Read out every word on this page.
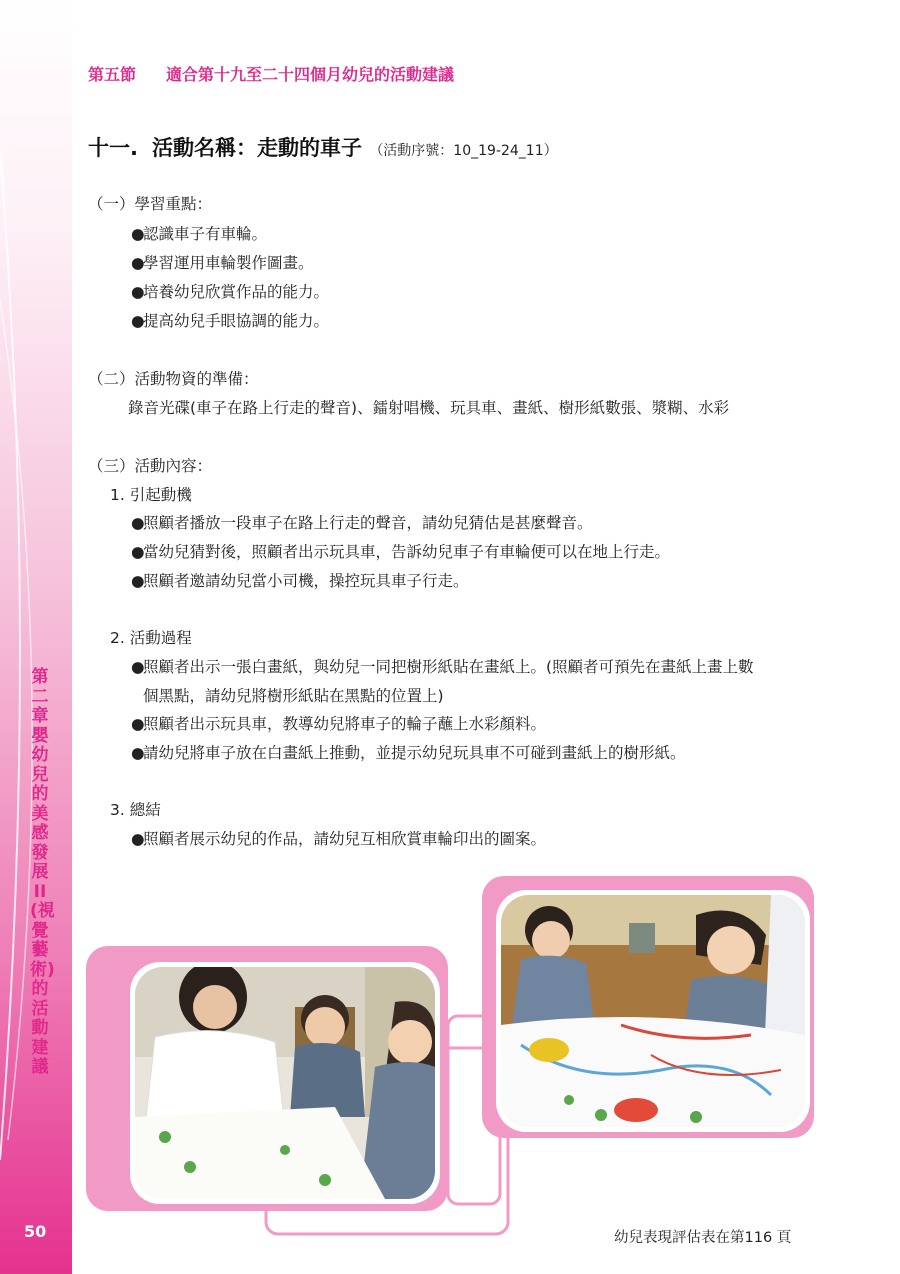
第二章 嬰幼兒的美感發展II(視覺藝術)的活動建議
50
第五節 適合第十九至二十四個月幼兒的活動建議
十一. 活動名稱：走動的車子 （活動序號：10_19-24_11）
（一）學習重點：
●認識車子有車輪。
●學習運用車輪製作圖畫。
●培養幼兒欣賞作品的能力。
●提高幼兒手眼協調的能力。
（二）活動物資的準備：
錄音光碟(車子在路上行走的聲音)、鐳射唱機、玩具車、畫紙、樹形紙數張、漿糊、水彩
（三）活動內容：
1. 引起動機
●照顧者播放一段車子在路上行走的聲音，請幼兒猜估是甚麼聲音。
●當幼兒猜對後，照顧者出示玩具車，告訴幼兒車子有車輪便可以在地上行走。
●照顧者邀請幼兒當小司機，操控玩具車子行走。
2. 活動過程
●照顧者出示一張白畫紙，與幼兒一同把樹形紙貼在畫紙上。(照顧者可預先在畫紙上畫上數
個黑點，請幼兒將樹形紙貼在黑點的位置上)
●照顧者出示玩具車，教導幼兒將車子的輪子蘸上水彩顏料。
●請幼兒將車子放在白畫紙上推動，並提示幼兒玩具車不可碰到畫紙上的樹形紙。
3. 總結
●照顧者展示幼兒的作品，請幼兒互相欣賞車輪印出的圖案。
幼兒表現評估表在第116 頁
